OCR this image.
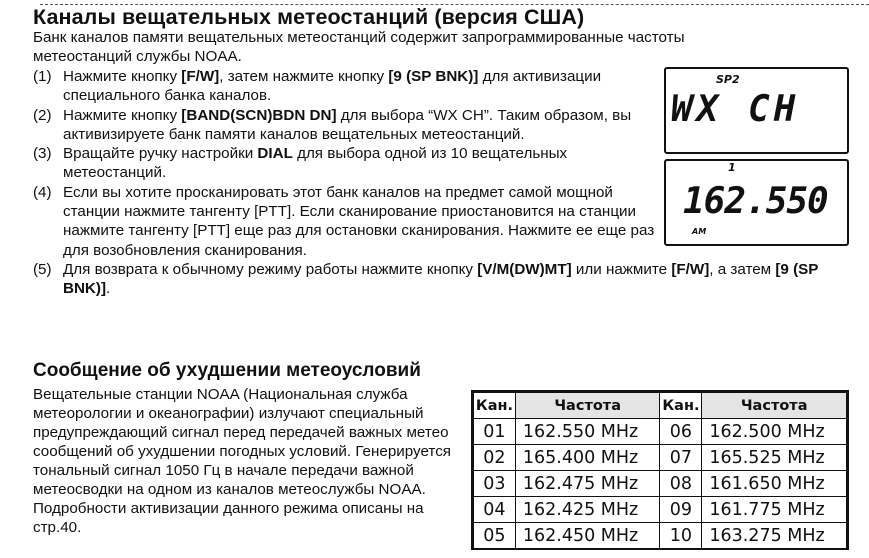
Каналы вещательных метеостанций (версия США)
Банк каналов памяти вещательных метеостанций содержит запрограммированные частоты метеостанций службы NOAA.
(1) Нажмите кнопку [F/W], затем нажмите кнопку [9 (SP BNK)] для активизации специального банка каналов.
(2) Нажмите кнопку [BAND(SCN)BDN DN] для выбора “WX CH”. Таким образом, вы активизируете банк памяти каналов вещательных метеостанций.
(3) Вращайте ручку настройки DIAL для выбора одной из 10 вещательных метеостанций.
(4) Если вы хотите просканировать этот банк каналов на предмет самой мощной станции нажмите тангенту [PTT]. Если сканирование приостановится на станции нажмите тангенту [PTT] еще раз для остановки сканирования. Нажмите ее еще раз для возобновления сканирования.
(5) Для возврата к обычному режиму работы нажмите кнопку [V/M(DW)MT] или нажмите [F/W], а затем [9 (SP BNK)].
SP2
WX CH
1
162.550
AM
Сообщение об ухудшении метеоусловий
Вещательные станции NOAA (Национальная служба метеорологии и океанографии) излучают специальный предупреждающий сигнал перед передачей важных метео сообщений об ухудшении погодных условий. Генерируется тональный сигнал 1050 Гц в начале передачи важной метеосводки на одном из каналов метеослужбы NOAA. Подробности активизации данного режима описаны на стр.40.
Кан.	Частота	Кан.	Частота
01	162.550 MHz	06	162.500 MHz
02	165.400 MHz	07	165.525 MHz
03	162.475 MHz	08	161.650 MHz
04	162.425 MHz	09	161.775 MHz
05	162.450 MHz	10	163.275 MHz
